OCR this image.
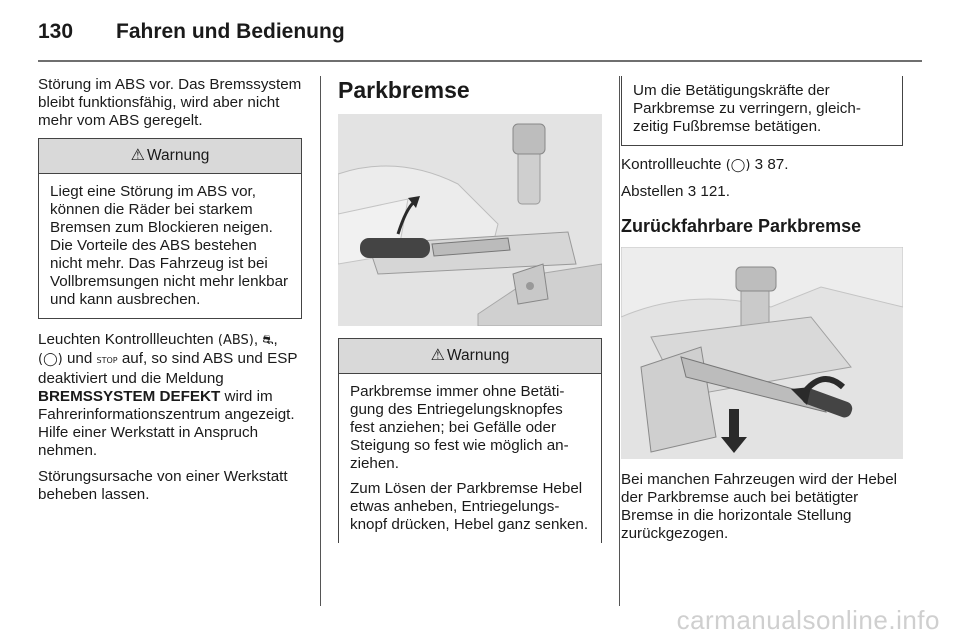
130 Fahren und Bedienung

Störung im ABS vor. Das Bremssystem bleibt funktionsfähig, wird aber nicht mehr vom ABS geregelt.

⚠ Warnung

Liegt eine Störung im ABS vor, können die Räder bei starkem Bremsen zum Blockieren neigen. Die Vorteile des ABS bestehen nicht mehr. Das Fahrzeug ist bei Vollbremsungen nicht mehr lenkbar und kann ausbrechen.

Leuchten Kontrollleuchten (ABS), ⛐, (◯) und STOP auf, so sind ABS und ESP deaktiviert und die Meldung BREMSSYSTEM DEFEKT wird im Fahrerinformationszentrum angezeigt. Hilfe einer Werkstatt in Anspruch nehmen.

Störungsursache von einer Werkstatt beheben lassen.

Parkbremse
⚠ Warnung

Parkbremse immer ohne Betätigung des Entriegelungsknopfes fest anziehen; bei Gefälle oder Steigung so fest wie möglich anziehen.

Zum Lösen der Parkbremse Hebel etwas anheben, Entriegelungsknopf drücken, Hebel ganz senken.

Um die Betätigungskräfte der Parkbremse zu verringern, gleichzeitig Fußbremse betätigen.

Kontrollleuchte (◯) 3 87.

Abstellen 3 121.

Zurückfahrbare Parkbremse

Bei manchen Fahrzeugen wird der Hebel der Parkbremse auch bei betätigter Bremse in die horizontale Stellung zurückgezogen.

carmanualsonline.info
